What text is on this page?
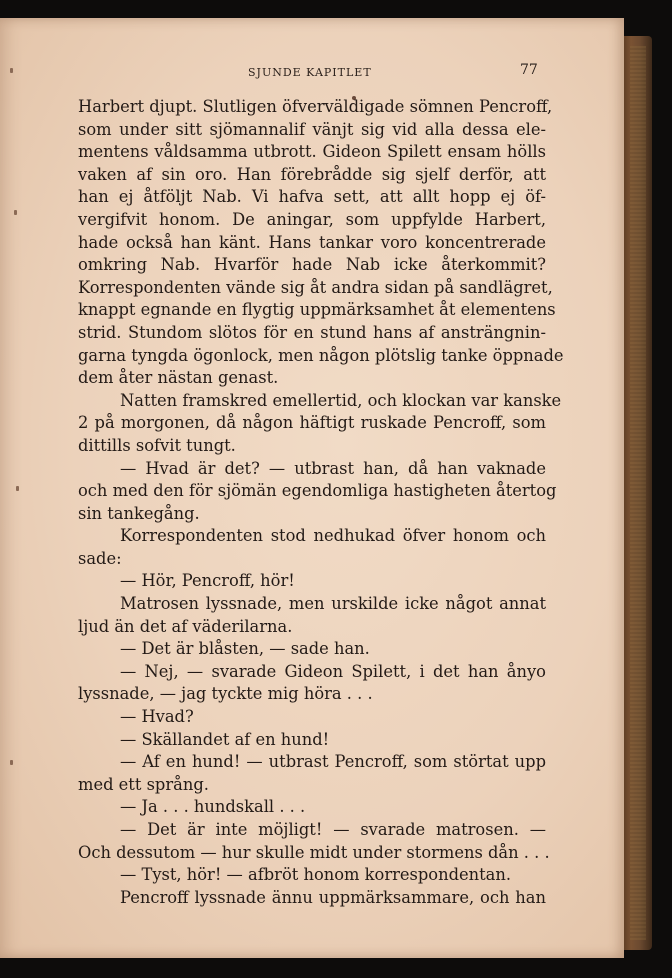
SJUNDE KAPITLET	77
Harbert djupt. Slutligen öfverväldigade sömnen Pencroff,
som under sitt sjömannalif vänjt sig vid alla dessa ele-
mentens våldsamma utbrott. Gideon Spilett ensam hölls
vaken af sin oro. Han förebrådde sig sjelf derför, att
han ej åtföljt Nab. Vi hafva sett, att allt hopp ej öf-
vergifvit honom. De aningar, som uppfylde Harbert,
hade också han känt. Hans tankar voro koncentrerade
omkring Nab. Hvarför hade Nab icke återkommit?
Korrespondenten vände sig åt andra sidan på sandlägret,
knappt egnande en flygtig uppmärksamhet åt elementens
strid. Stundom slötos för en stund hans af ansträngnin-
garna tyngda ögonlock, men någon plötslig tanke öppnade
dem åter nästan genast.
Natten framskred emellertid, och klockan var kanske
2 på morgonen, då någon häftigt ruskade Pencroff, som
dittills sofvit tungt.
— Hvad är det? — utbrast han, då han vaknade
och med den för sjömän egendomliga hastigheten återtog
sin tankegång.
Korrespondenten stod nedhukad öfver honom och
sade:
— Hör, Pencroff, hör!
Matrosen lyssnade, men urskilde icke något annat
ljud än det af väderilarna.
— Det är blåsten, — sade han.
— Nej, — svarade Gideon Spilett, i det han ånyo
lyssnade, — jag tyckte mig höra . . .
— Hvad?
— Skällandet af en hund!
— Af en hund! — utbrast Pencroff, som störtat upp
med ett språng.
— Ja . . . hundskall . . .
— Det är inte möjligt! — svarade matrosen. —
Och dessutom — hur skulle midt under stormens dån . . .
— Tyst, hör! — afbröt honom korrespondentan.
Pencroff lyssnade ännu uppmärksammare, och han
